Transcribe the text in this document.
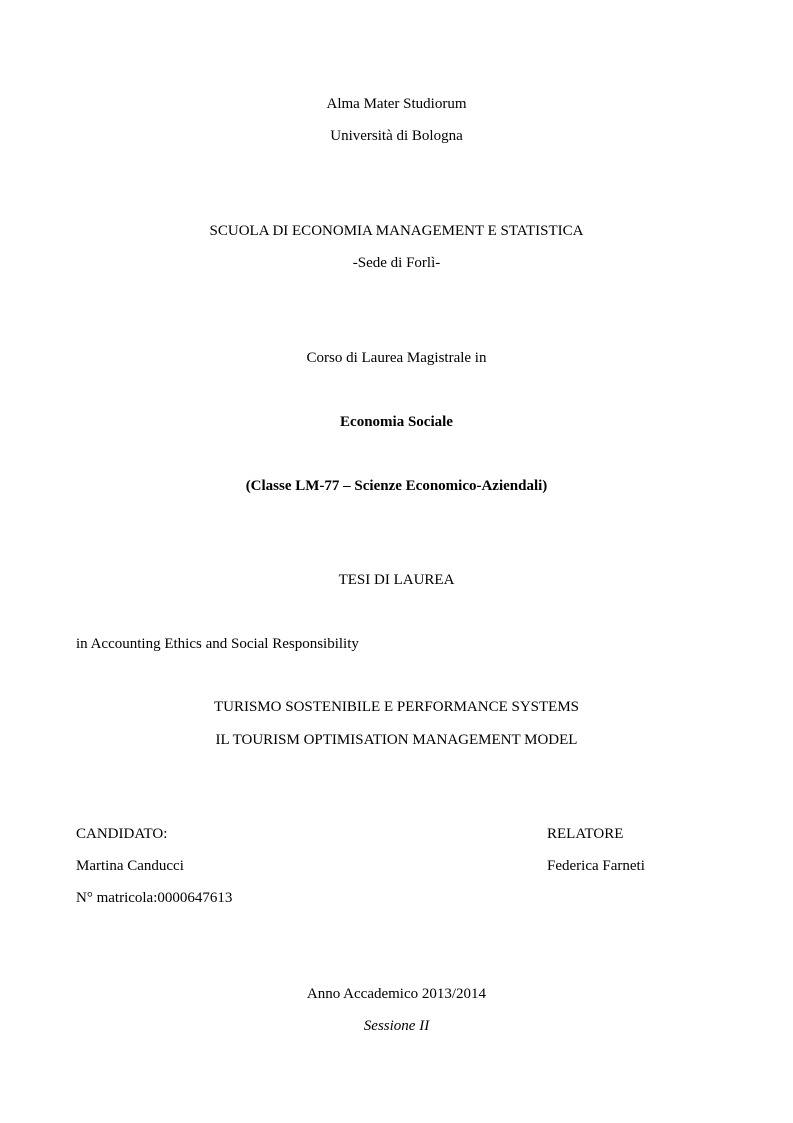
Alma Mater Studiorum
Università di Bologna
SCUOLA DI ECONOMIA MANAGEMENT E STATISTICA
-Sede di Forlì-
Corso di Laurea Magistrale in
Economia Sociale
(Classe LM-77 – Scienze Economico-Aziendali)
TESI DI LAUREA
in Accounting Ethics and Social Responsibility
TURISMO SOSTENIBILE E PERFORMANCE SYSTEMS
IL TOURISM OPTIMISATION MANAGEMENT MODEL
CANDIDATO:
Martina Canducci
N° matricola:0000647613
RELATORE
Federica Farneti
Anno Accademico 2013/2014
Sessione II
